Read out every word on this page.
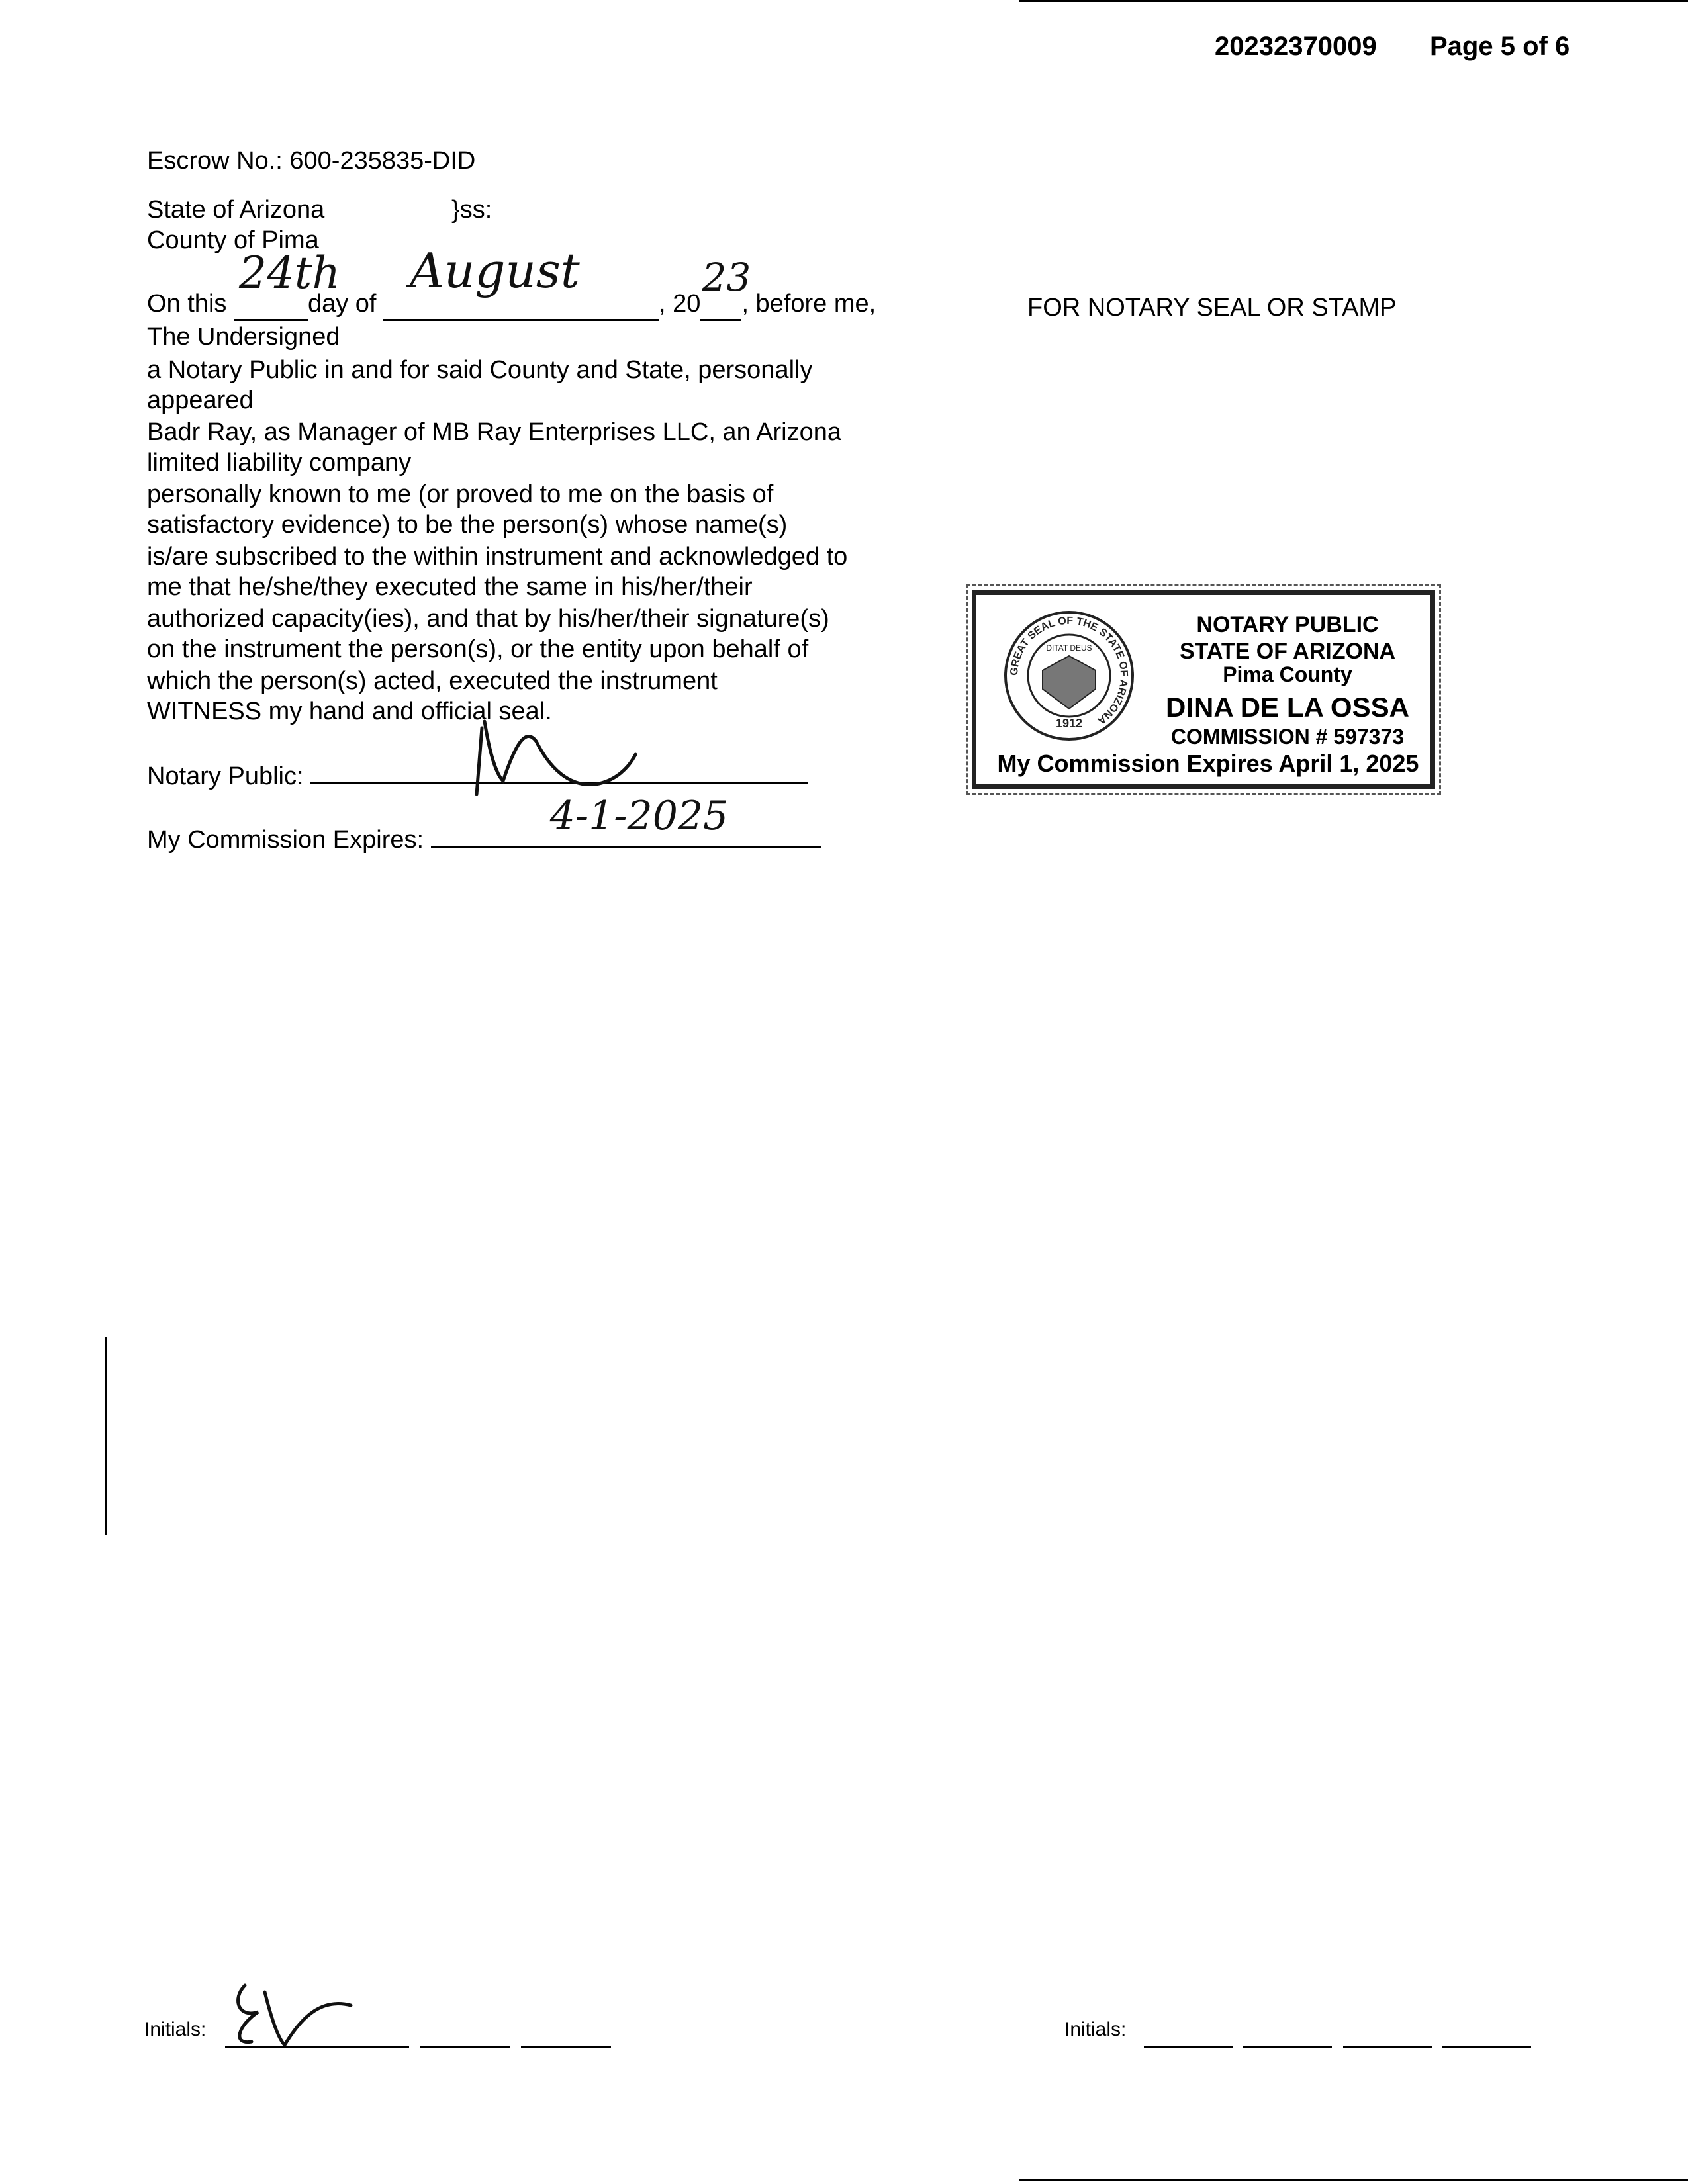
20232370009 Page 5 of 6
Escrow No.: 600-235835-DID
State of Arizona	}ss:
County of Pima
On this
24th
day of
August
, 20
23
, before me,
The Undersigned
a Notary Public in and for said County and State, personally
appeared
Badr Ray, as Manager of MB Ray Enterprises LLC, an Arizona
limited liability company
personally known to me (or proved to me on the basis of
satisfactory evidence) to be the person(s) whose name(s)
is/are subscribed to the within instrument and acknowledged to
me that he/she/they executed the same in his/her/their
authorized capacity(ies), and that by his/her/their signature(s)
on the instrument the person(s), or the entity upon behalf of
which the person(s) acted, executed the instrument
WITNESS my hand and official seal.
Notary Public:
My Commission Expires:
4-1-2025
FOR NOTARY SEAL OR STAMP
GREAT SEAL OF THE STATE OF ARIZONA
DITAT DEUS
1912
NOTARY PUBLIC
STATE OF ARIZONA
Pima County
DINA DE LA OSSA
COMMISSION # 597373
My Commission Expires April 1, 2025
Initials:
	Initials:
